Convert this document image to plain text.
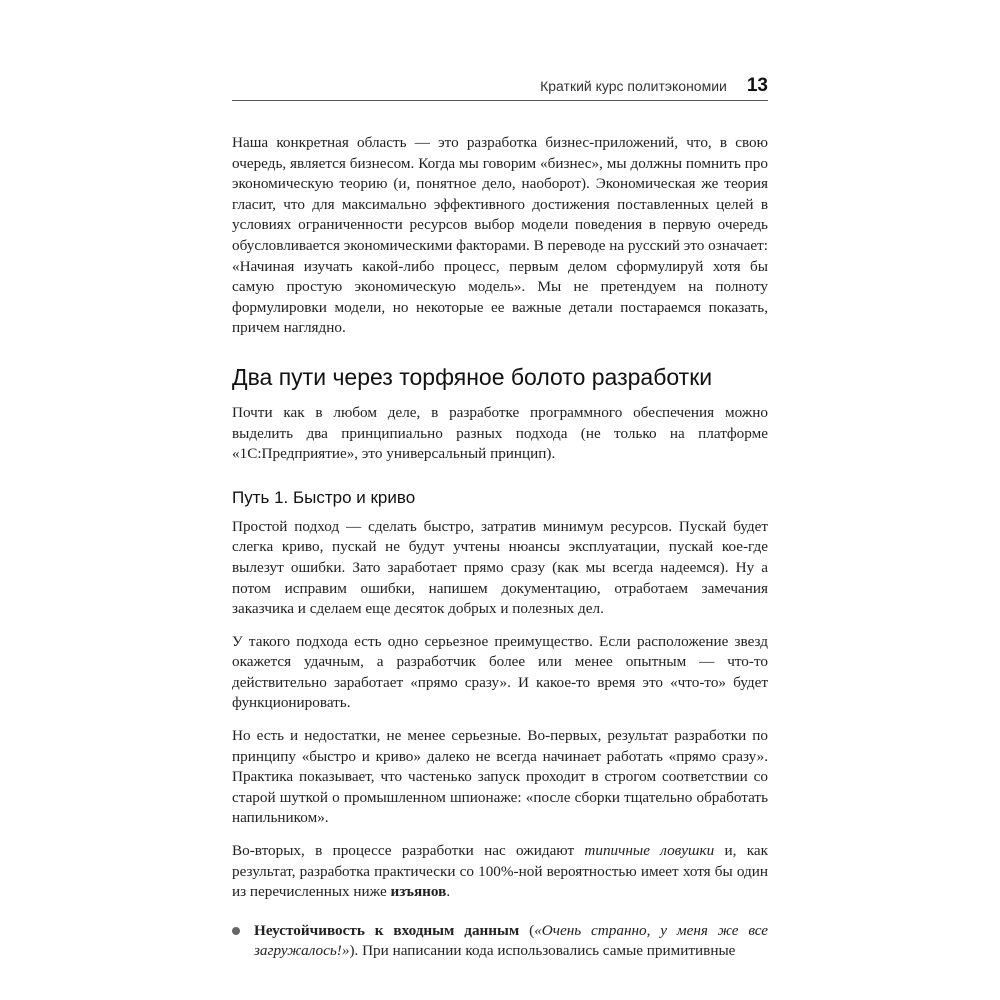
Краткий курс политэкономии 13

Наша конкретная область — это разработка бизнес-приложений, что, в свою очередь, является бизнесом. Когда мы говорим «бизнес», мы должны помнить про экономическую теорию (и, понятное дело, наоборот). Экономическая же теория гласит, что для максимально эффективного достижения поставленных целей в условиях ограниченности ресурсов выбор модели поведения в первую очередь обусловливается экономическими факторами. В переводе на русский это означает: «Начиная изучать какой-либо процесс, первым делом сформулируй хотя бы самую простую экономическую модель». Мы не претендуем на полноту формулировки модели, но некоторые ее важные детали постараемся показать, причем наглядно.

Два пути через торфяное болото разработки

Почти как в любом деле, в разработке программного обеспечения можно выделить два принципиально разных подхода (не только на платформе «1С:Предприятие», это универсальный принцип).

Путь 1. Быстро и криво

Простой подход — сделать быстро, затратив минимум ресурсов. Пускай будет слегка криво, пускай не будут учтены нюансы эксплуатации, пускай кое-где вылезут ошибки. Зато заработает прямо сразу (как мы всегда надеемся). Ну а потом исправим ошибки, напишем документацию, отработаем замечания заказчика и сделаем еще десяток добрых и полезных дел.

У такого подхода есть одно серьезное преимущество. Если расположение звезд окажется удачным, а разработчик более или менее опытным — что-то действительно заработает «прямо сразу». И какое-то время это «что-то» будет функционировать.

Но есть и недостатки, не менее серьезные. Во-первых, результат разработки по принципу «быстро и криво» далеко не всегда начинает работать «прямо сразу». Практика показывает, что частенько запуск проходит в строгом соответствии со старой шуткой о промышленном шпионаже: «после сборки тщательно обработать напильником».

Во-вторых, в процессе разработки нас ожидают типичные ловушки и, как результат, разработка практически со 100%-ной вероятностью имеет хотя бы один из перечисленных ниже изъянов.

Неустойчивость к входным данным («Очень странно, у меня же все загружалось!»). При написании кода использовались самые примитивные
